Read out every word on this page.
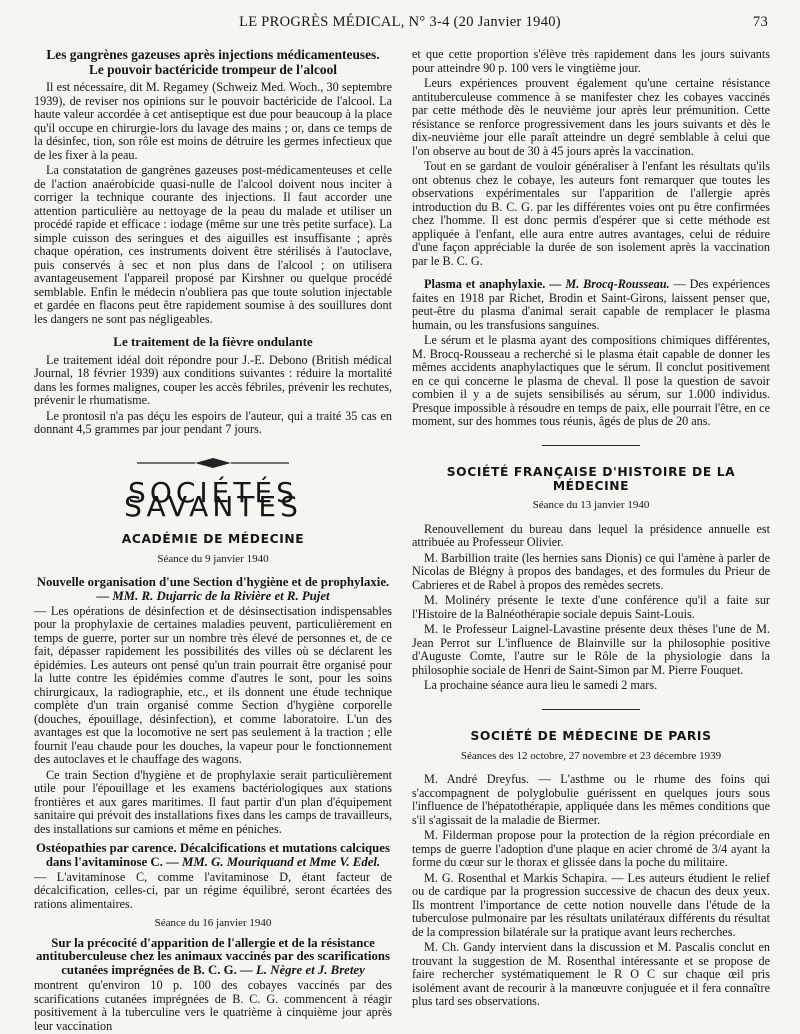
LE PROGRÈS MÉDICAL, N° 3-4 (20 Janvier 1940)	73
Les gangrènes gazeuses après injections médicamenteuses. Le pouvoir bactéricide trompeur de l'alcool

Il est nécessaire, dit M. Regamey (Schweiz Med. Woch., 30 septembre 1939), de reviser nos opinions sur le pouvoir bactéricide de l'alcool. La haute valeur accordée à cet antiseptique est due pour beaucoup à la place qu'il occupe en chirurgie-lors du lavage des mains ; or, dans ce temps de la désinfec, tion, son rôle est moins de détruire les germes infectieux que de les fixer à la peau.

La constatation de gangrènes gazeuses post-médicamenteuses et celle de l'action anaérobicide quasi-nulle de l'alcool doivent nous inciter à corriger la technique courante des injections. Il faut accorder une attention particulière au nettoyage de la peau du malade et utiliser un procédé rapide et efficace : iodage (même sur une très petite surface). La simple cuisson des seringues et des aiguilles est insuffisante ; après chaque opération, ces instruments doivent être stérilisés à l'autoclave, puis conservés à sec et non plus dans de l'alcool ; on utilisera avantageusement l'appareil proposé par Kirshner ou quelque procédé semblable. Enfin le médecin n'oubliera pas que toute solution injectable et gardée en flacons peut être rapidement soumise à des souillures dont les dangers ne sont pas négligeables.

Le traitement de la fièvre ondulante

Le traitement idéal doit répondre pour J.-E. Debono (British médical Journal, 18 février 1939) aux conditions suivantes : réduire la mortalité dans les formes malignes, couper les accès fébriles, prévenir les rechutes, prévenir le rhumatisme.

Le prontosil n'a pas déçu les espoirs de l'auteur, qui a traité 35 cas en donnant 4,5 grammes par jour pendant 7 jours.

SOCIÉTÉS SAVANTES
ACADÉMIE DE MÉDECINE
Séance du 9 janvier 1940
Nouvelle organisation d'une Section d'hygiène et de prophylaxie. — MM. R. Dujarric de la Rivière et R. Pujet

— Les opérations de désinfection et de désinsectisation indispensables pour la prophylaxie de certaines maladies peuvent, particulièrement en temps de guerre, porter sur un nombre très élevé de personnes et, de ce fait, dépasser rapidement les possibilités des villes où se déclarent les épidémies. Les auteurs ont pensé qu'un train pourrait être organisé pour la lutte contre les épidémies comme d'autres le sont, pour les soins chirurgicaux, la radiographie, etc., et ils donnent une étude technique complète d'un train organisé comme Section d'hygiène corporelle (douches, épouillage, désinfection), et comme laboratoire. L'un des avantages est que la locomotive ne sert pas seulement à la traction ; elle fournit l'eau chaude pour les douches, la vapeur pour le fonctionnement des autoclaves et le chauffage des wagons.

Ce train Section d'hygiène et de prophylaxie serait particulièrement utile pour l'épouillage et les examens bactériologiques aux stations frontières et aux gares maritimes. Il faut partir d'un plan d'équipement sanitaire qui prévoit des installations fixes dans les camps de travailleurs, des installations sur camions et même en péniches.

Ostéopathies par carence. Décalcifications et mutations calciques dans l'avitaminose C. — MM. G. Mouriquand et Mme V. Edel.

— L'avitaminose C, comme l'avitaminose D, étant facteur de décalcification, celles-ci, par un régime équilibré, seront écartées des rations alimentaires.

Séance du 16 janvier 1940
Sur la précocité d'apparition de l'allergie et de la résistance antituberculeuse chez les animaux vaccinés par des scarifications cutanées imprégnées de B. C. G. — L. Nègre et J. Bretey

montrent qu'environ 10 p. 100 des cobayes vaccinés par des scarifications cutanées imprégnées de B. C. G. commencent à réagir positivement à la tuberculine vers le quatrième à cinquième jour après leur vaccination

et que cette proportion s'élève très rapidement dans les jours suivants pour atteindre 90 p. 100 vers le vingtième jour.

Leurs expériences prouvent également qu'une certaine résistance antituberculeuse commence à se manifester chez les cobayes vaccinés par cette méthode dès le neuvième jour après leur prémunition. Cette résistance se renforce progressivement dans les jours suivants et dès le dix-neuvième jour elle paraît atteindre un degré semblable à celui que l'on observe au bout de 30 à 45 jours après la vaccination.

Tout en se gardant de vouloir généraliser à l'enfant les résultats qu'ils ont obtenus chez le cobaye, les auteurs font remarquer que toutes les observations expérimentales sur l'apparition de l'allergie après introduction du B. C. G. par les différentes voies ont pu être confirmées chez l'homme. Il est donc permis d'espérer que si cette méthode est appliquée à l'enfant, elle aura entre autres avantages, celui de réduire d'une façon appréciable la durée de son isolement après la vaccination par le B. C. G.

Plasma et anaphylaxie. — M. Brocq-Rousseau. — Des expériences faites en 1918 par Richet, Brodin et Saint-Girons, laissent penser que, peut-être du plasma d'animal serait capable de remplacer le plasma humain, ou les transfusions sanguines.

Le sérum et le plasma ayant des compositions chimiques différentes, M. Brocq-Rousseau a recherché si le plasma était capable de donner les mêmes accidents anaphylactiques que le sérum. Il conclut positivement en ce qui concerne le plasma de cheval. Il pose la question de savoir combien il y a de sujets sensibilisés au sérum, sur 1.000 individus. Presque impossible à résoudre en temps de paix, elle pourrait l'être, en ce moment, sur des hommes tous réunis, âgés de plus de 20 ans.

SOCIÉTÉ FRANÇAISE D'HISTOIRE DE LA MÉDECINE
Séance du 13 janvier 1940

Renouvellement du bureau dans lequel la présidence annuelle est attribuée au Professeur Olivier.

M. Barbillion traite (les hernies sans Dionis) ce qui l'amène à parler de Nicolas de Blégny à propos des bandages, et des formules du Prieur de Cabrieres et de Rabel à propos des remèdes secrets.

M. Molinéry présente le texte d'une conférence qu'il a faite sur l'Histoire de la Balnéothérapie sociale depuis Saint-Louis.

M. le Professeur Laignel-Lavastine présente deux thèses l'une de M. Jean Perrot sur L'influence de Blainville sur la philosophie positive d'Auguste Comte, l'autre sur le Rôle de la physiologie dans la philosophie sociale de Henri de Saint-Simon par M. Pierre Fouquet.

La prochaine séance aura lieu le samedi 2 mars.

SOCIÉTÉ DE MÉDECINE DE PARIS
Séances des 12 octobre, 27 novembre et 23 décembre 1939

M. André Dreyfus. — L'asthme ou le rhume des foins qui s'accompagnent de polyglobulie guérissent en quelques jours sous l'influence de l'hépatothérapie, appliquée dans les mêmes conditions que s'il s'agissait de la maladie de Biermer.

M. Filderman propose pour la protection de la région précordiale en temps de guerre l'adoption d'une plaque en acier chromé de 3/4 ayant la forme du cœur sur le thorax et glissée dans la poche du militaire.

M. G. Rosenthal et Markis Schapira. — Les auteurs étudient le relief ou de cardique par la progression successive de chacun des deux yeux. Ils montrent l'importance de cette notion nouvelle dans l'étude de la tuberculose pulmonaire par les résultats unilatéraux différents du résultat de la compression bilatérale sur la pratique avant leurs recherches.

M. Ch. Gandy intervient dans la discussion et M. Pascalis conclut en trouvant la suggestion de M. Rosenthal intéressante et se propose de faire rechercher systématiquement le R O C sur chaque œil pris isolément avant de recourir à la manœuvre conjuguée et il fera connaître plus tard ses observations.
